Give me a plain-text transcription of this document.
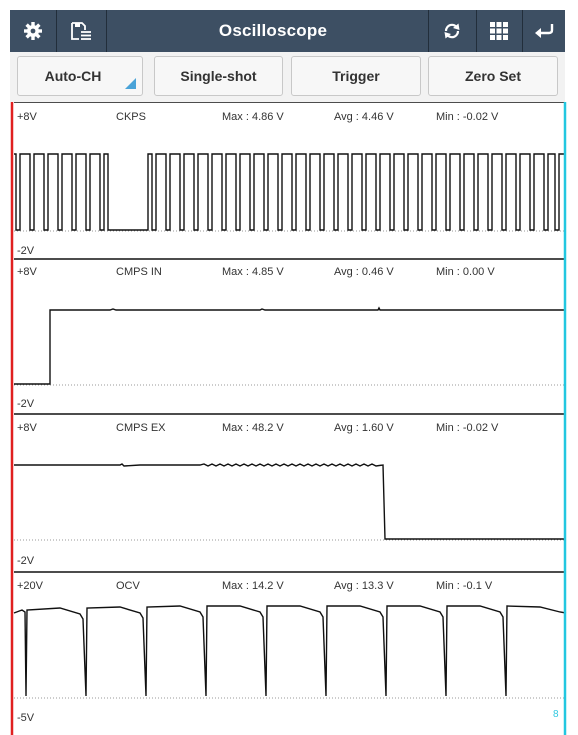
Oscilloscope
Auto-CH	Single-shot	Trigger	Zero Set
+8V	CKPS	Max : 4.86 V	Avg : 4.46 V	Min : -0.02 V
-2V
+8V	CMPS IN	Max : 4.85 V	Avg : 0.46 V	Min : 0.00 V
-2V
+8V	CMPS EX	Max : 48.2 V	Avg : 1.60 V	Min : -0.02 V
-2V
+20V	OCV	Max : 14.2 V	Avg : 13.3 V	Min : -0.1 V
-5V	8
